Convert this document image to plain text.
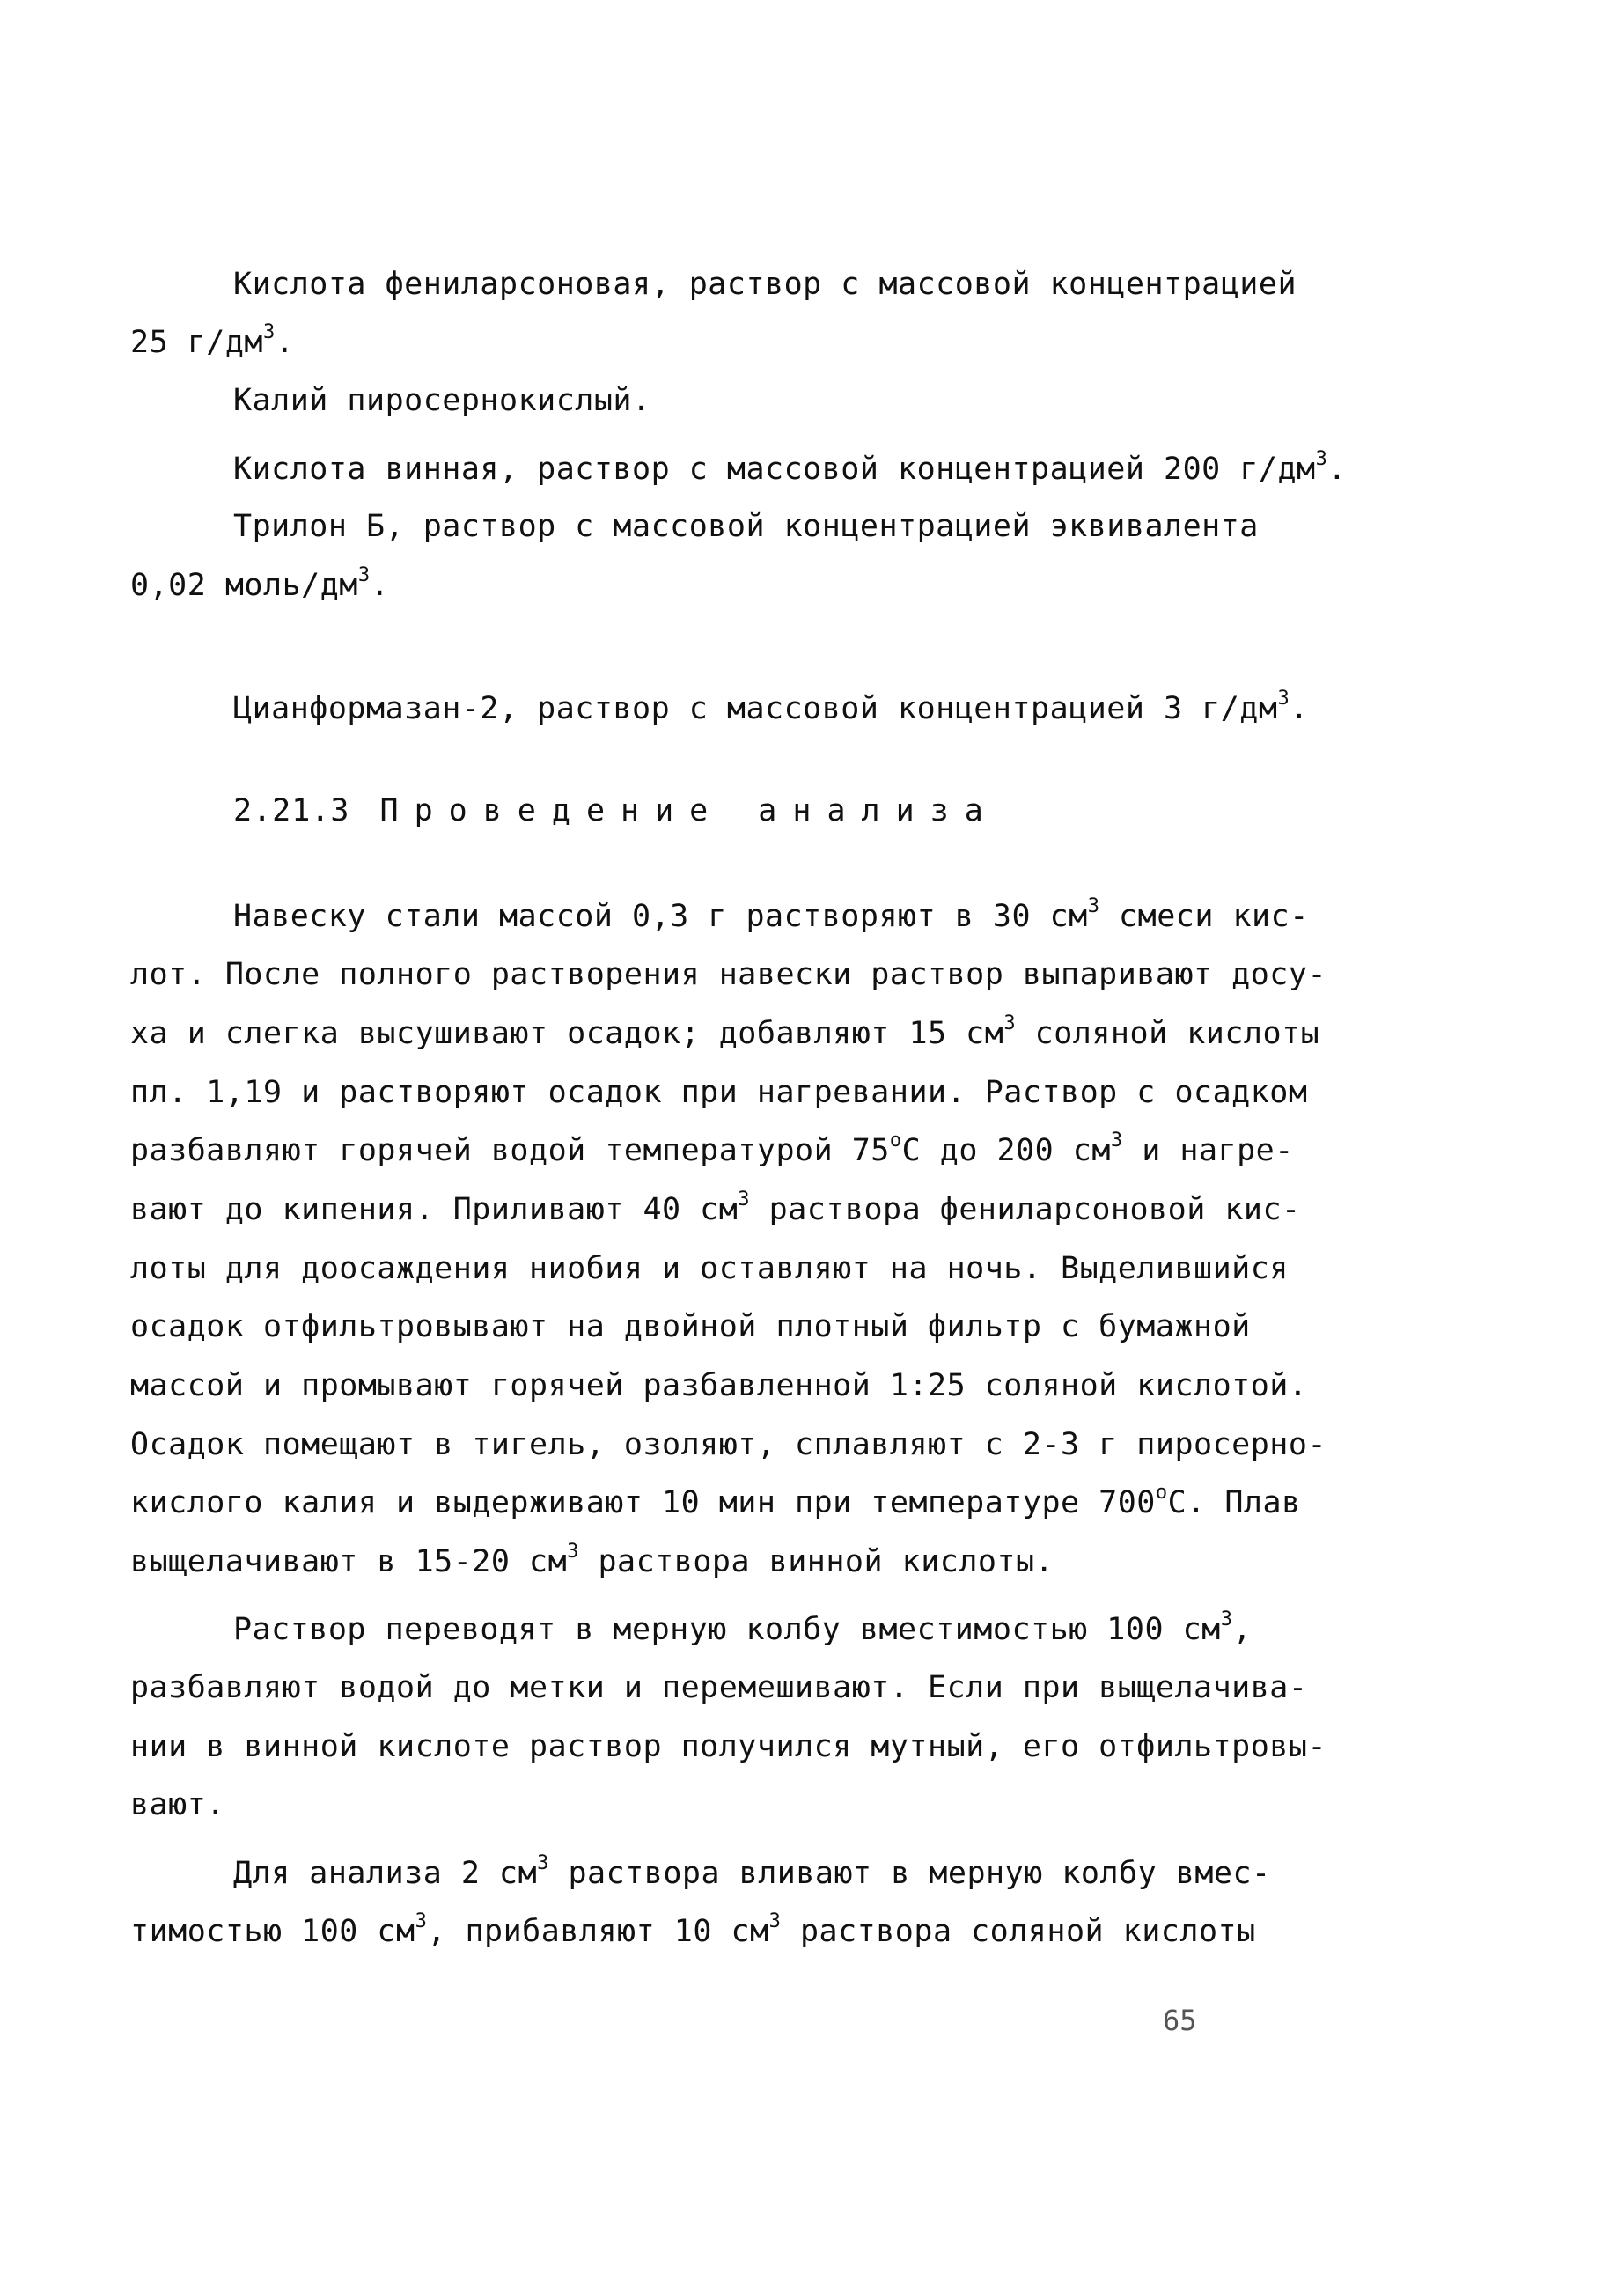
Кислота фениларсоновая, раствор с массовой концентрацией
25 $г/дм^3$.
Калий пиросернокислый.
Кислота винная, раствор с массовой концентрацией 200 $г/дм^3$.
Трилон Б, раствор с массовой концентрацией эквивалента
0,02 моль/$дм^3$.
Цианформазан-2, раствор с массовой концентрацией 3 $г/дм^3$.
2.21.3 Проведение анализа
Навеску стали массой 0,3 г растворяют в 30 $см^3$ смеси кис-
лот. После полного растворения навески раствор выпаривают досу-
ха и слегка высушивают осадок; добавляют 15 $см^3$ соляной кислоты
пл. 1,19 и растворяют осадок при нагревании. Раствор с осадком
разбавляют горячей водой температурой $75^оС$ до 200 $см^3$ и нагре-
вают до кипения. Приливают 40 $см^3$ раствора фениларсоновой кис-
лоты для доосаждения ниобия и оставляют на ночь. Выделившийся
осадок отфильтровывают на двойной плотный фильтр с бумажной
массой и промывают горячей разбавленной 1:25 соляной кислотой.
Осадок помещают в тигель, озоляют, сплавляют с 2-3 г пиросерно-
кислого калия и выдерживают 10 мин при температуре $700^оС$. Плав
выщелачивают в 15-20 $см^3$ раствора винной кислоты.
Раствор переводят в мерную колбу вместимостью 100 $см^3$,
разбавляют водой до метки и перемешивают. Если при выщелачива-
нии в винной кислоте раствор получился мутный, его отфильтровы-
вают.
Для анализа 2 $см^3$ раствора вливают в мерную колбу вмес-
тимостью 100 $см^3$, прибавляют 10 $см^3$ раствора соляной кислоты
65
